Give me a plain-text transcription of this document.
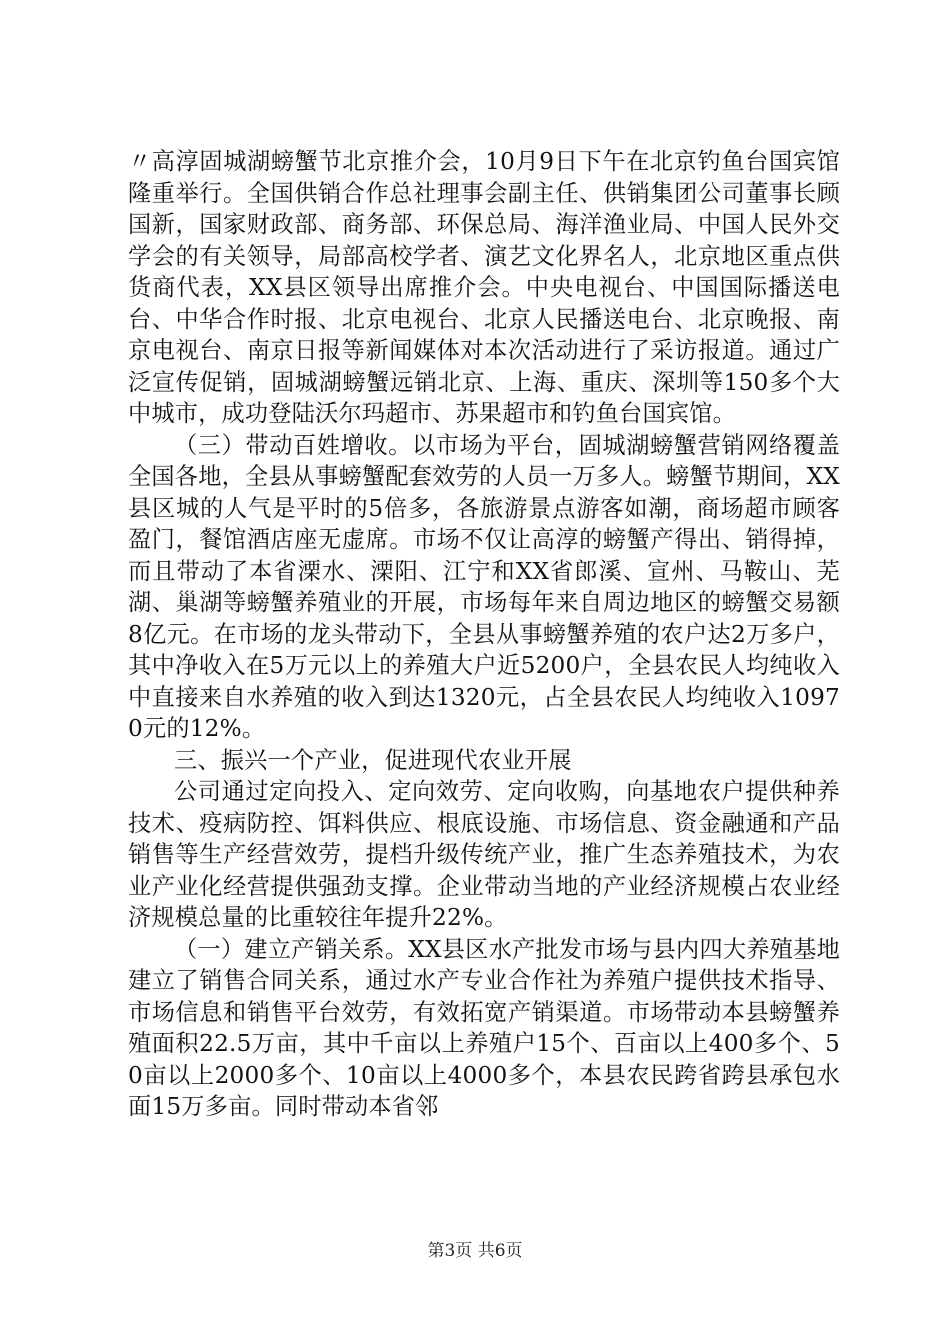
〃高淳固城湖螃蟹节北京推介会，10月9日下午在北京钓鱼台国宾馆隆重举行。全国供销合作总社理事会副主任、供销集团公司董事长顾国新，国家财政部、商务部、环保总局、海洋渔业局、中国人民外交学会的有关领导，局部高校学者、演艺文化界名人，北京地区重点供货商代表，XX县区领导出席推介会。中央电视台、中国国际播送电台、中华合作时报、北京电视台、北京人民播送电台、北京晚报、南京电视台、南京日报等新闻媒体对本次活动进行了采访报道。通过广泛宣传促销，固城湖螃蟹远销北京、上海、重庆、深圳等150多个大中城市，成功登陆沃尔玛超市、苏果超市和钓鱼台国宾馆。

（三）带动百姓增收。以市场为平台，固城湖螃蟹营销网络覆盖全国各地，全县从事螃蟹配套效劳的人员一万多人。螃蟹节期间，XX县区城的人气是平时的5倍多，各旅游景点游客如潮，商场超市顾客盈门，餐馆酒店座无虚席。市场不仅让高淳的螃蟹产得出、销得掉，而且带动了本省溧水、溧阳、江宁和XX省郎溪、宣州、马鞍山、芜湖、巢湖等螃蟹养殖业的开展，市场每年来自周边地区的螃蟹交易额8亿元。在市场的龙头带动下，全县从事螃蟹养殖的农户达2万多户，其中净收入在5万元以上的养殖大户近5200户，全县农民人均纯收入中直接来自水养殖的收入到达1320元，占全县农民人均纯收入10970元的12%。

三、振兴一个产业，促进现代农业开展

公司通过定向投入、定向效劳、定向收购，向基地农户提供种养技术、疫病防控、饵料供应、根底设施、市场信息、资金融通和产品销售等生产经营效劳，提档升级传统产业，推广生态养殖技术，为农业产业化经营提供强劲支撑。企业带动当地的产业经济规模占农业经济规模总量的比重较往年提升22%。

（一）建立产销关系。XX县区水产批发市场与县内四大养殖基地建立了销售合同关系，通过水产专业合作社为养殖户提供技术指导、市场信息和销售平台效劳，有效拓宽产销渠道。市场带动本县螃蟹养殖面积22.5万亩，其中千亩以上养殖户15个、百亩以上400多个、50亩以上2000多个、10亩以上4000多个，本县农民跨省跨县承包水面15万多亩。同时带动本省邻

第3页 共6页
